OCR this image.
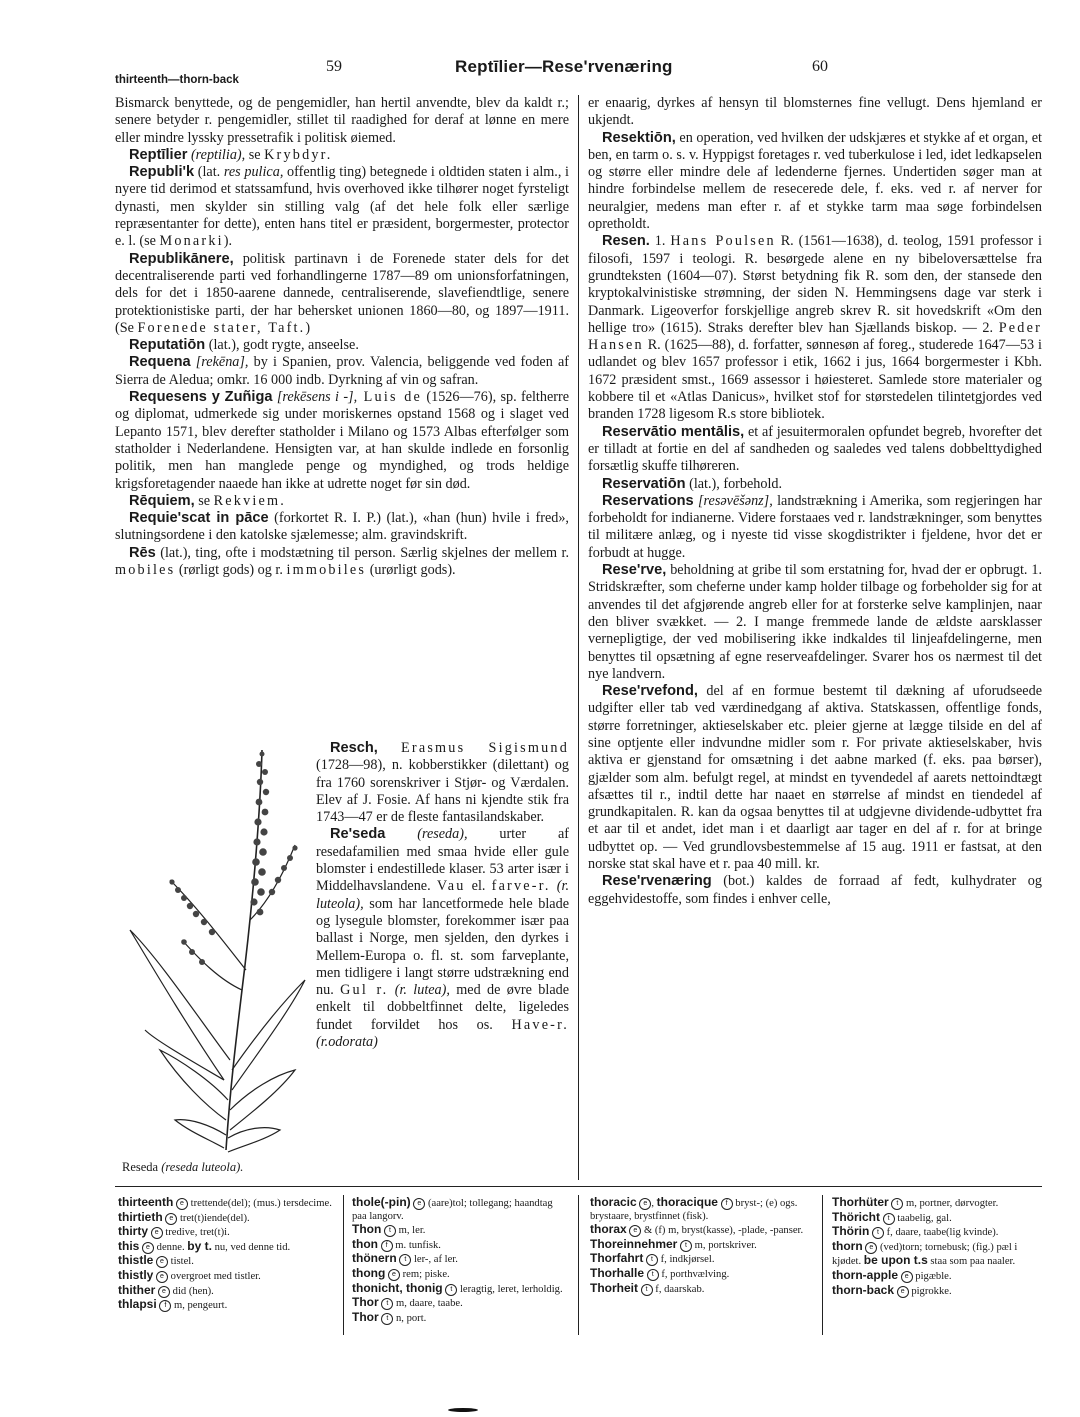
59	Reptīlier—Rese'rvenæring	60
thirteenth—thorn-back

Bismarck benyttede, og de pengemidler, han hertil anvendte, blev da kaldt r.; senere betyder r. pengemidler, stillet til raadighed for deraf at lønne en mere eller mindre lyssky pressetrafik i politisk øiemed.

Reptīlier (reptilia), se Krybdyr.

Republi'k (lat. res pulica, offentlig ting) betegnede i oldtiden staten i alm., i nyere tid derimod et statssamfund, hvis overhoved ikke tilhører noget fyrsteligt dynasti, men skylder sin stilling valg (af det hele folk eller særlige repræsentanter for dette), enten hans titel er præsident, borgermester, protector e. l. (se Monarki).

Republikānere, politisk partinavn i de Forenede stater dels for det decentraliserende parti ved forhandlingerne 1787—89 om unionsforfatningen, dels for det i 1850-aarene dannede, centraliserende, slavefiendtlige, senere protektionistiske parti, der har behersket unionen 1860—80, og 1897—1911. (Se Forenede stater, Taft.)

Reputatiōn (lat.), godt rygte, anseelse.

Requena [rekēna], by i Spanien, prov. Valencia, beliggende ved foden af Sierra de Aledua; omkr. 16 000 indb. Dyrkning af vin og safran.

Requesens y Zuñiga [rekēsens i -], Luis de (1526—76), sp. feltherre og diplomat, udmerkede sig under moriskernes opstand 1568 og i slaget ved Lepanto 1571, blev derefter statholder i Milano og 1573 Albas efterfølger som statholder i Nederlandene. Hensigten var, at han skulde indlede en forsonlig politik, men han manglede penge og myndighed, og trods heldige krigsforetagender naaede han ikke at udrette noget før sin død.

Rēquiem, se Rekviem.

Requie'scat in pāce (forkortet R. I. P.) (lat.), «han (hun) hvile i fred», slutningsordene i den katolske sjælemesse; alm. gravindskrift.

Rēs (lat.), ting, ofte i modstætning til person. Særlig skjelnes der mellem r. mobiles (rørligt gods) og r. immobiles (urørligt gods).

Reseda (reseda luteola).

Resch, Erasmus Sigismund (1728—98), n. kobberstikker (dilettant) og fra 1760 sorenskriver i Stjør- og Værdalen. Elev af J. Fosie. Af hans ni kjendte stik fra 1743—47 er de fleste fantasilandskaber.

Re'seda (reseda), urter af resedafamilien med smaa hvide eller gule blomster i endestillede klaser. 53 arter især i Middelhavslandene. Vau el. farve-r. (r. luteola), som har lancetformede hele blade og lysegule blomster, forekommer især paa ballast i Norge, men sjelden, den dyrkes i Mellem-Europa o. fl. st. som farveplante, men tidligere i langt større udstrækning end nu. Gul r. (r. lutea), med de øvre blade enkelt til dobbeltfinnet delte, ligeledes fundet forvildet hos os. Have-r. (r.odorata)

er enaarig, dyrkes af hensyn til blomsternes fine vellugt. Dens hjemland er ukjendt.

Resektiōn, en operation, ved hvilken der udskjæres et stykke af et organ, et ben, en tarm o. s. v. Hyppigst foretages r. ved tuberkulose i led, idet ledkapselen og større eller mindre dele af ledenderne fjernes. Undertiden søger man at hindre forbindelse mellem de resecerede dele, f. eks. ved r. af nerver for neuralgier, medens man efter r. af et stykke tarm maa søge forbindelsen opretholdt.

Resen. 1. Hans Poulsen R. (1561—1638), d. teolog, 1591 professor i filosofi, 1597 i teologi. R. besørgede alene en ny bibeloversættelse fra grundteksten (1604—07). Størst betydning fik R. som den, der stansede den kryptokalvinistiske strømning, der siden N. Hemmingsens dage var sterk i Danmark. Ligeoverfor forskjellige angreb skrev R. sit hovedskrift «Om den hellige tro» (1615). Straks derefter blev han Sjællands biskop. — 2. Peder Hansen R. (1625—88), d. forfatter, sønnesøn af foreg., studerede 1647—53 i udlandet og blev 1657 professor i etik, 1662 i jus, 1664 borgermester i Kbh. 1672 præsident smst., 1669 assessor i høiesteret. Samlede store materialer og kobbere til et «Atlas Danicus», hvilket stof for størstedelen tilintetgjordes ved branden 1728 ligesom R.s store bibliotek.

Reservātio mentālis, et af jesuitermoralen opfundet begreb, hvorefter det er tilladt at fortie en del af sandheden og saaledes ved talens dobbelttydighed forsætlig skuffe tilhøreren.

Reservatiōn (lat.), forbehold.

Reservations [resəvēšənz], landstrækning i Amerika, som regjeringen har forbeholdt for indianerne. Videre forstaaes ved r. landstrækninger, som benyttes til militære anlæg, og i nyeste tid visse skogdistrikter i fjeldene, hvor det er forbudt at hugge.

Rese'rve, beholdning at gribe til som erstatning for, hvad der er opbrugt. 1. Stridskræfter, som cheferne under kamp holder tilbage og forbeholder sig for at anvendes til det afgjørende angreb eller for at forsterke selve kamplinjen, naar den bliver svækket. — 2. I mange fremmede lande de ældste aarsklasser vernepligtige, der ved mobilisering ikke indkaldes til linjeafdelingerne, men benyttes til opsætning af egne reserveafdelinger. Svarer hos os nærmest til det nye landvern.

Rese'rvefond, del af en formue bestemt til dækning af uforudseede udgifter eller tab ved værdinedgang af aktiva. Statskassen, offentlige fonds, større forretninger, aktieselskaber etc. pleier gjerne at lægge tilside en del af sine optjente eller indvundne midler som r. For private aktieselskaber, hvis aktiva er gjenstand for omsætning i det aabne marked (f. eks. paa børser), gjælder som alm. befulgt regel, at mindst en tyvendedel af aarets nettoindtægt afsættes til r., indtil dette har naaet en størrelse af mindst en tiendedel af grundkapitalen. R. kan da ogsaa benyttes til at udgjevne dividende-udbyttet fra et aar til et andet, idet man i et daarligt aar tager en del af r. for at bringe udbyttet op. — Ved grundlovsbestemmelse af 15 aug. 1911 er fastsat, at den norske stat skal have et r. paa 40 mill. kr.

Rese'rvenæring (bot.) kaldes de forraad af fedt, kulhydrater og eggehvidestoffe, som findes i enhver celle,

thirteenth e trettende(del); (mus.) tersdecime.

thirtieth e tret(t)iende(del).

thirty e tredive, tret(t)i.

this e denne. by t. nu, ved denne tid.

thistle e tistel.

thistly e overgroet med tistler.

thither e did (hen).

thlapsi f m, pengeurt.

thole(-pin) e (aare)tol; tollegang; haandtag paa langorv.

Thon t m, ler.

thon f m. tunfisk.

thönern t ler-, af ler.

thong e rem; piske.

thonicht, thonig t leragtig, leret, lerholdig.

Thor t m, daare, taabe.

Thor t n, port.

thoracic e , thoracique f bryst-; (e) ogs. brystaare, brystfinnet (fisk).

thorax e & (f) m, bryst(kasse), -plade, -panser.

Thoreinnehmer t m, portskriver.

Thorfahrt t f, indkjørsel.

Thorhalle t f, porthvælving.

Thorheit t f, daarskab.

Thorhüter t m, portner, dørvogter.

Thöricht t taabelig, gal.

Thörin t f, daare, taabe(lig kvinde).

thorn e (ved)torn; tornebusk; (fig.) pæl i kjødet. be upon t.s staa som paa naaler.

thorn-apple e pigæble.

thorn-back e pigrokke.
